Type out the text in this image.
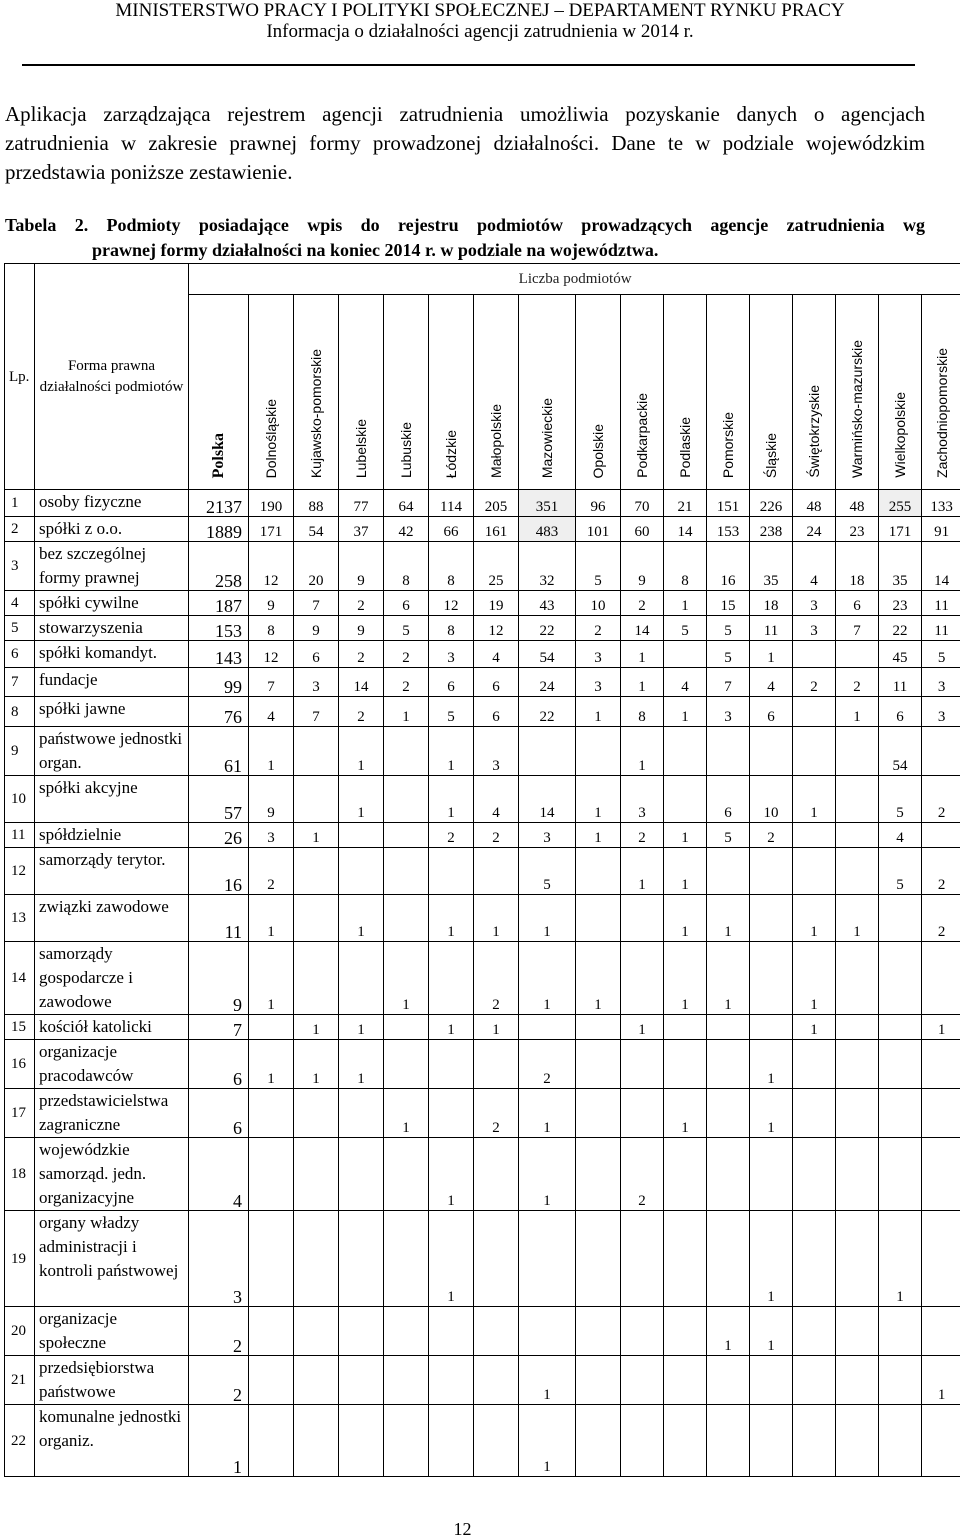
MINISTERSTWO PRACY I POLITYKI SPOŁECZNEJ – DEPARTAMENT RYNKU PRACY
Informacja o działalności agencji zatrudnienia w 2014 r.
Aplikacja zarządzająca rejestrem agencji zatrudnienia umożliwia pozyskanie danych o agencjach zatrudnienia w zakresie prawnej formy prowadzonej działalności. Dane te w podziale wojewódzkim przedstawia poniższe zestawienie.
Tabela 2. Podmioty posiadające wpis do rejestru podmiotów prowadzących agencje zatrudnienia wg
prawnej formy działalności na koniec 2014 r. w podziale na województwa.
Lp.	Forma prawna działalności podmiotów	Liczba podmiotów																
		Polska	Dolnośląskie	Kujawsko-pomorskie	Lubelskie	Lubuskie	Łódzkie	Małopolskie	Mazowieckie	Opolskie	Podkarpackie	Podlaskie	Pomorskie	Śląskie	Świętokrzyskie	Warmińsko-mazurskie	Wielkopolskie	Zachodniopomorskie
1	osoby fizyczne	2137	190	88	77	64	114	205	351	96	70	21	151	226	48	48	255	133
2	spółki z o.o.	1889	171	54	37	42	66	161	483	101	60	14	153	238	24	23	171	91
3	bez szczególnej formy prawnej	258	12	20	9	8	8	25	32	5	9	8	16	35	4	18	35	14
4	spółki cywilne	187	9	7	2	6	12	19	43	10	2	1	15	18	3	6	23	11
5	stowarzyszenia	153	8	9	9	5	8	12	22	2	14	5	5	11	3	7	22	11
6	spółki komandyt.	143	12	6	2	2	3	4	54	3	1		5	1			45	5
7	fundacje	99	7	3	14	2	6	6	24	3	1	4	7	4	2	2	11	3
8	spółki jawne	76	4	7	2	1	5	6	22	1	8	1	3	6		1	6	3
9	państwowe jednostki organ.	61	1		1		1	3			1						54	
10	spółki akcyjne	57	9		1		1	4	14	1	3		6	10	1		5	2
11	spółdzielnie	26	3	1			2	2	3	1	2	1	5	2			4	
12	samorządy terytor.	16	2						5		1	1					5	2
13	związki zawodowe	11	1		1		1	1	1			1	1		1	1		2
14	samorządy gospodarcze i zawodowe	9	1			1		2	1	1		1	1		1			
15	kościół katolicki	7		1	1		1	1			1				1			1
16	organizacje pracodawców	6	1	1	1				2					1				
17	przedstawicielstwa zagraniczne	6				1		2	1			1		1				
18	wojewódzkie samorząd. jedn. organizacyjne	4					1		1		2							
19	organy władzy administracji i kontroli państwowej	3					1							1			1	
20	organizacje społeczne	2											1	1				
21	przedsiębiorstwa państwowe	2							1									1
22	komunalne jednostki organiz.	1							1									
12
